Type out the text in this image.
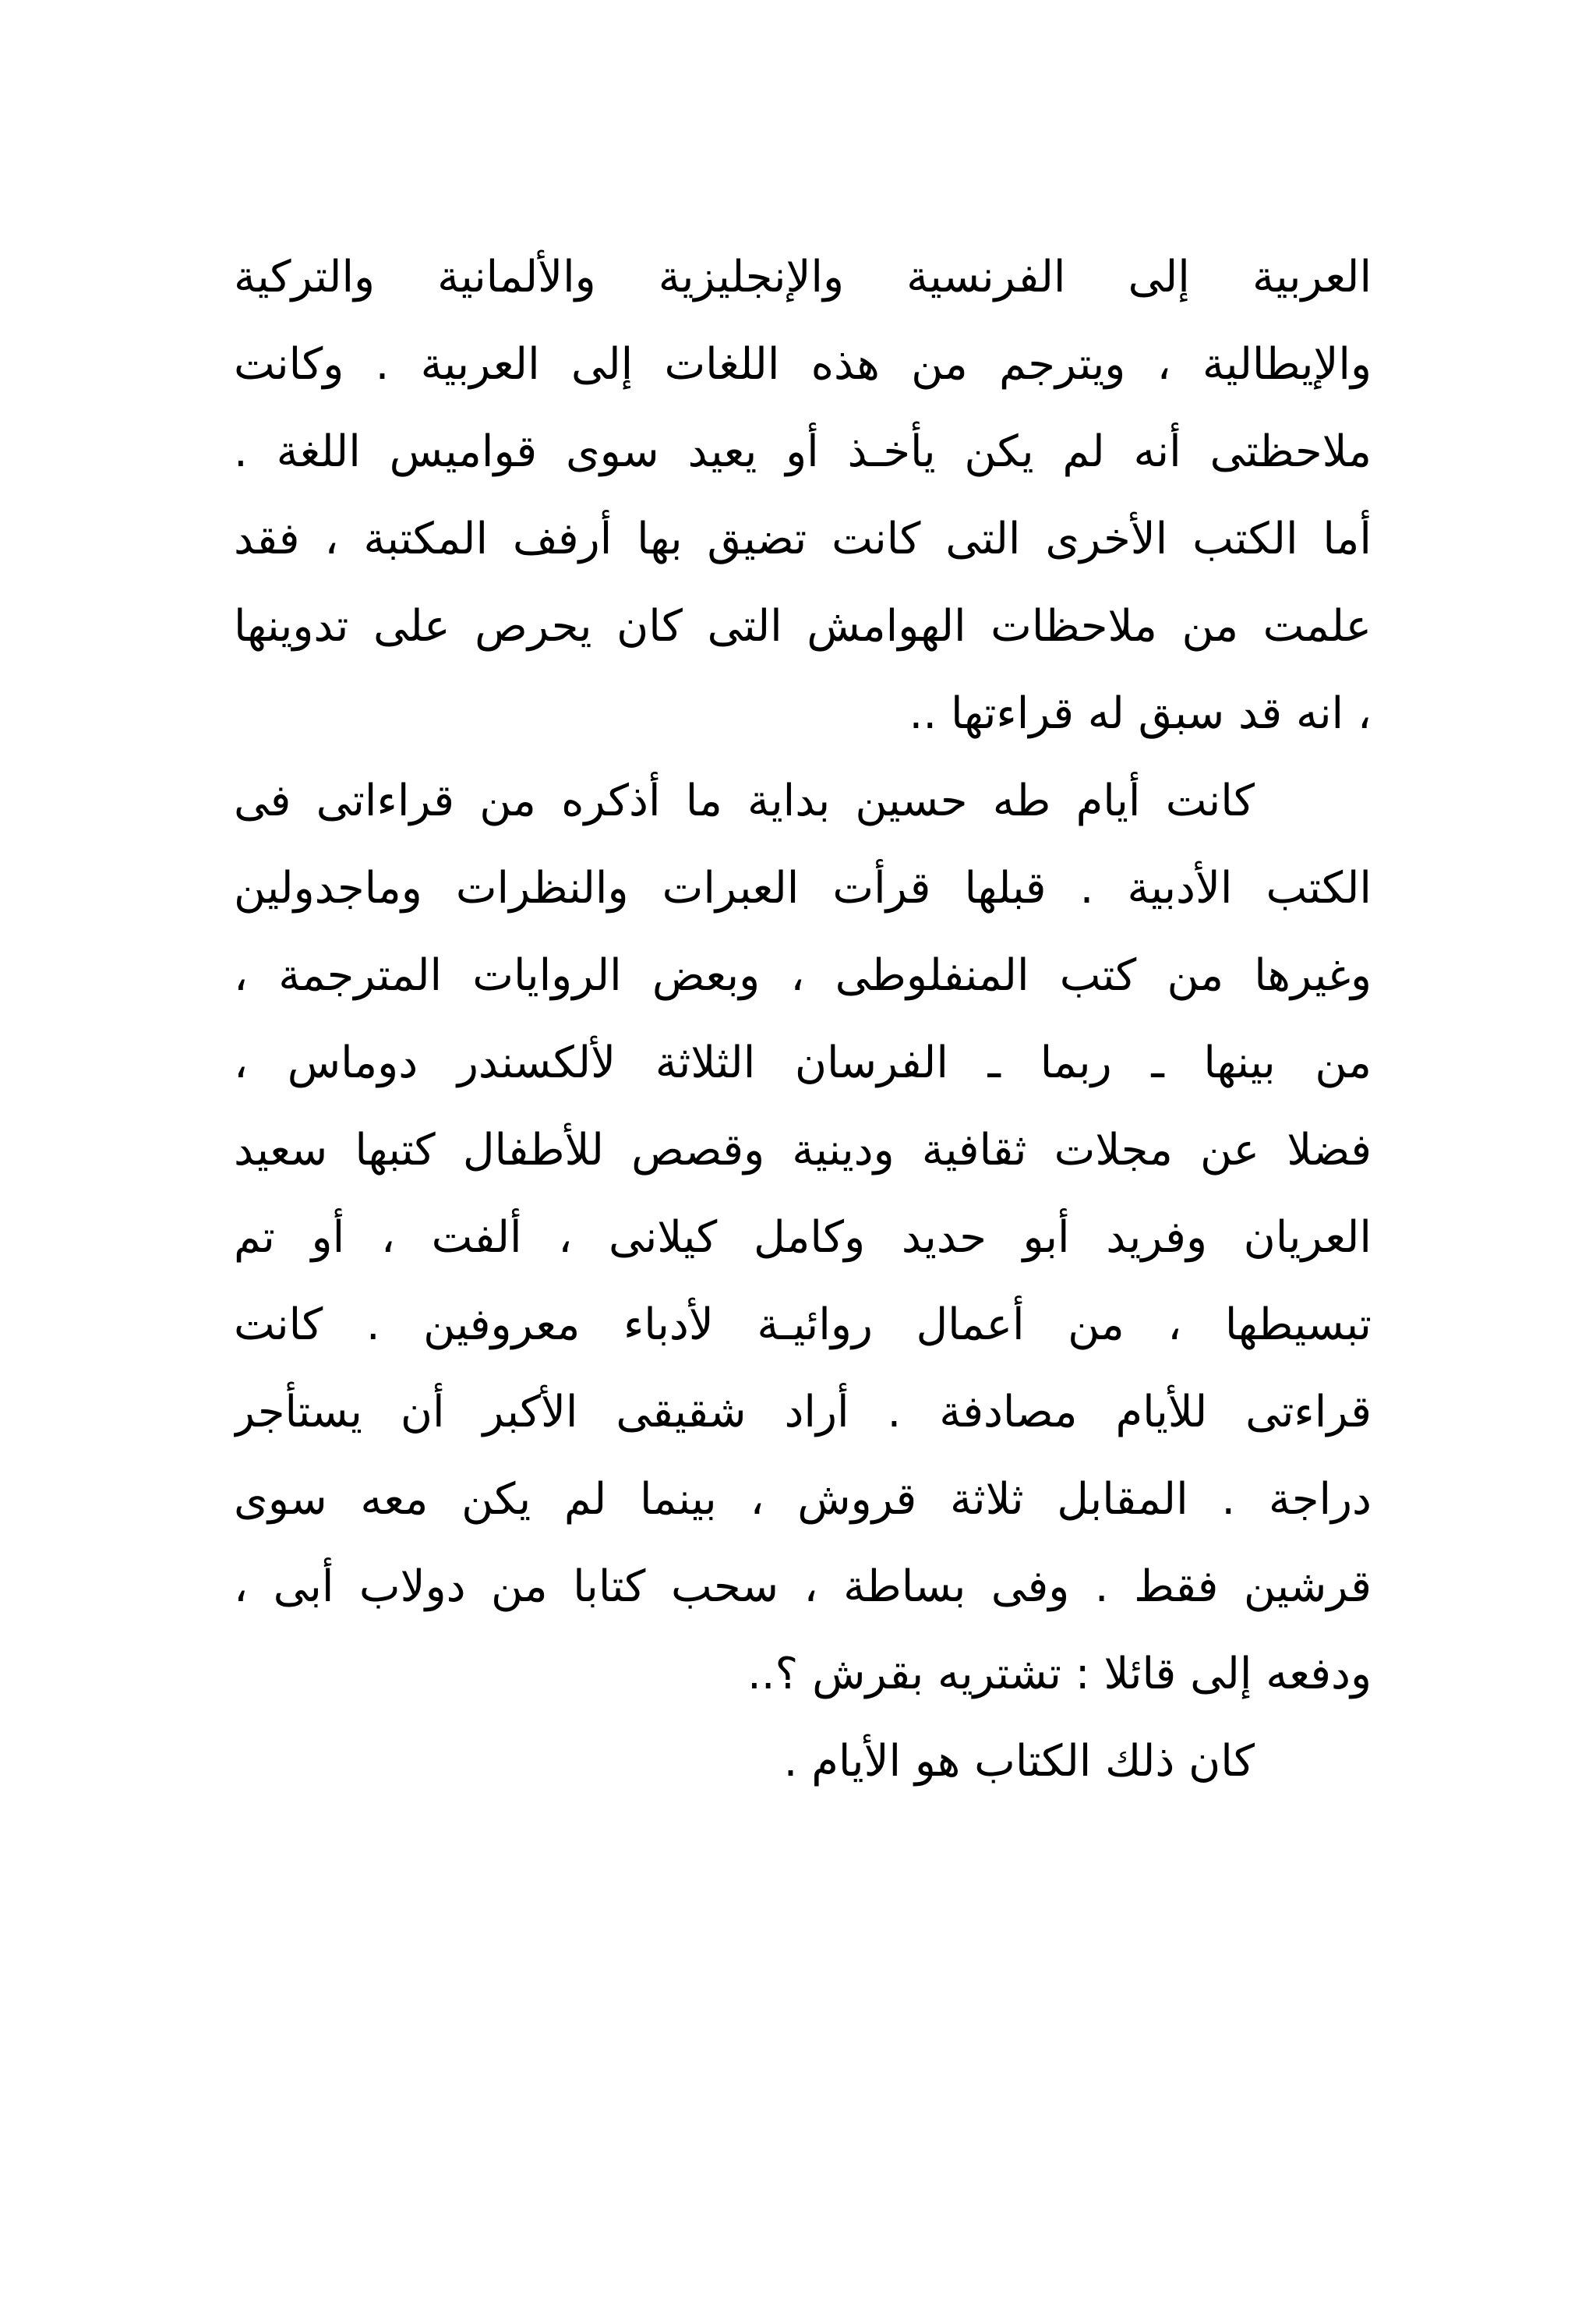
العربية إلى الفرنسية والإنجليزية والألمانية والتركية
والإيطالية ، ويترجم من هذه اللغات إلى العربية . وكانت
ملاحظتى أنه لم يكن يأخـذ أو يعيد سوى قواميس اللغة .
أما الكتب الأخرى التى كانت تضيق بها أرفف المكتبة ، فقد
علمت من ملاحظات الهوامش التى كان يحرص على تدوينها
، انه قد سبق له قراءتها ..
كانت أيام طه حسين بداية ما أذكره من قراءاتى فى
الكتب الأدبية . قبلها قرأت العبرات والنظرات وماجدولين
وغيرها من كتب المنفلوطى ، وبعض الروايات المترجمة ،
من بينها ـ ربما ـ الفرسان الثلاثة لألكسندر دوماس ،
فضلا عن مجلات ثقافية ودينية وقصص للأطفال كتبها سعيد
العريان وفريد أبو حديد وكامل كيلانى ، ألفت ، أو تم
تبسيطها ، من أعمال روائيـة لأدباء معروفين . كانت
قراءتى للأيام مصادفة . أراد شقيقى الأكبر أن يستأجر
دراجة . المقابل ثلاثة قروش ، بينما لم يكن معه سوى
قرشين فقط . وفى بساطة ، سحب كتابا من دولاب أبى ،
ودفعه إلى قائلا : تشتريه بقرش ؟..
كان ذلك الكتاب هو الأيام .
